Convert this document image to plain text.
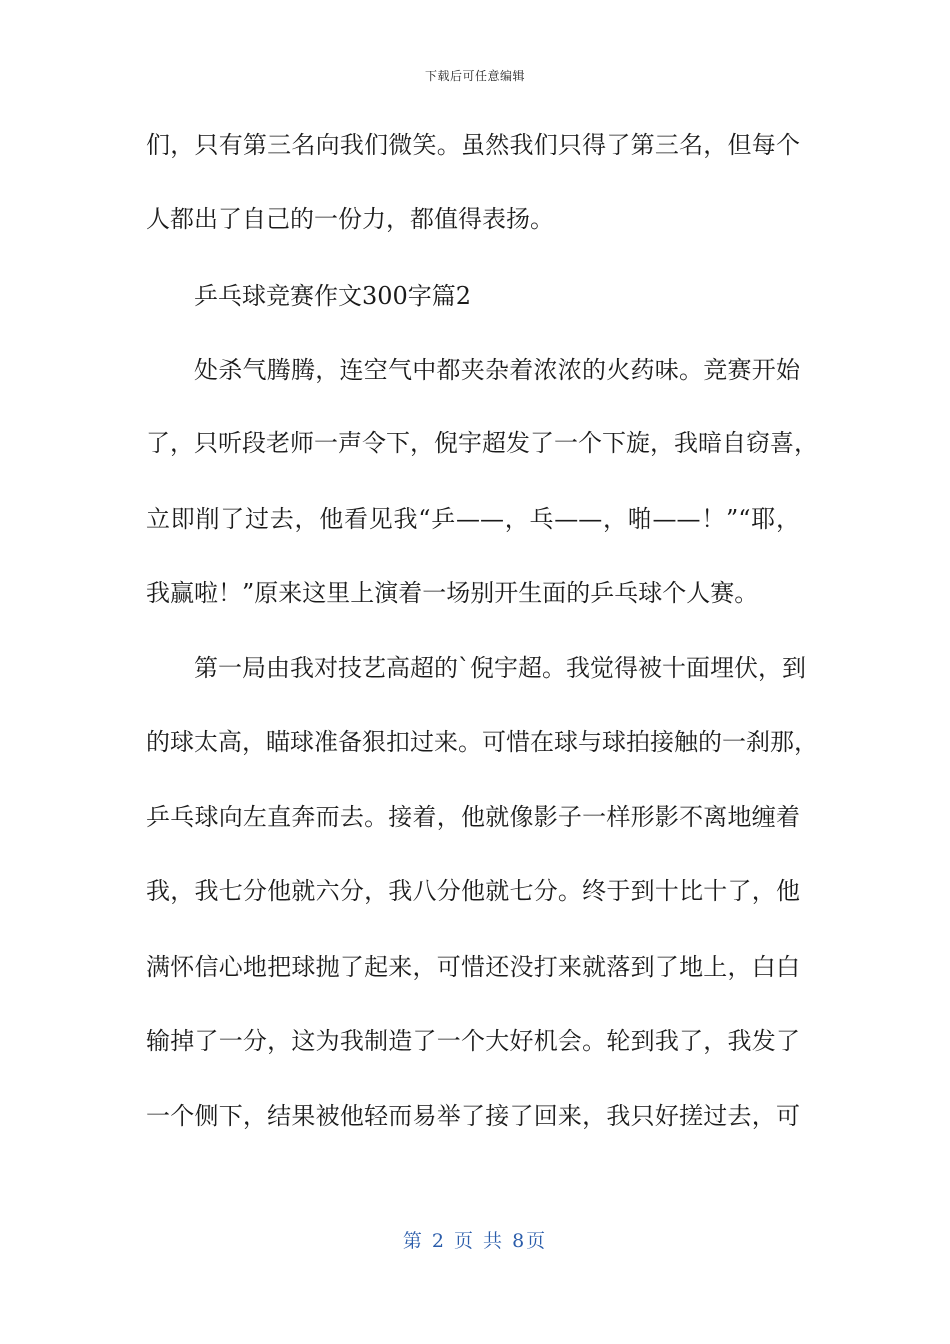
下载后可任意编辑
们，只有第三名向我们微笑。虽然我们只得了第三名，但每个
人都出了自己的一份力，都值得表扬。
乒乓球竞赛作文300字篇2
处杀气腾腾，连空气中都夹杂着浓浓的火药味。竞赛开始
了，只听段老师一声令下，倪宇超发了一个下旋，我暗自窃喜，
立即削了过去，他看见我“乒——，乓——，啪——！”“耶，
我赢啦！”原来这里上演着一场别开生面的乒乓球个人赛。
第一局由我对技艺高超的`倪宇超。我觉得被十面埋伏，到
的球太高，瞄球准备狠扣过来。可惜在球与球拍接触的一刹那，
乒乓球向左直奔而去。接着，他就像影子一样形影不离地缠着
我，我七分他就六分，我八分他就七分。终于到十比十了，他
满怀信心地把球抛了起来，可惜还没打来就落到了地上，白白
输掉了一分，这为我制造了一个大好机会。轮到我了，我发了
一个侧下，结果被他轻而易举了接了回来，我只好搓过去，可
第 2 页 共 8页
